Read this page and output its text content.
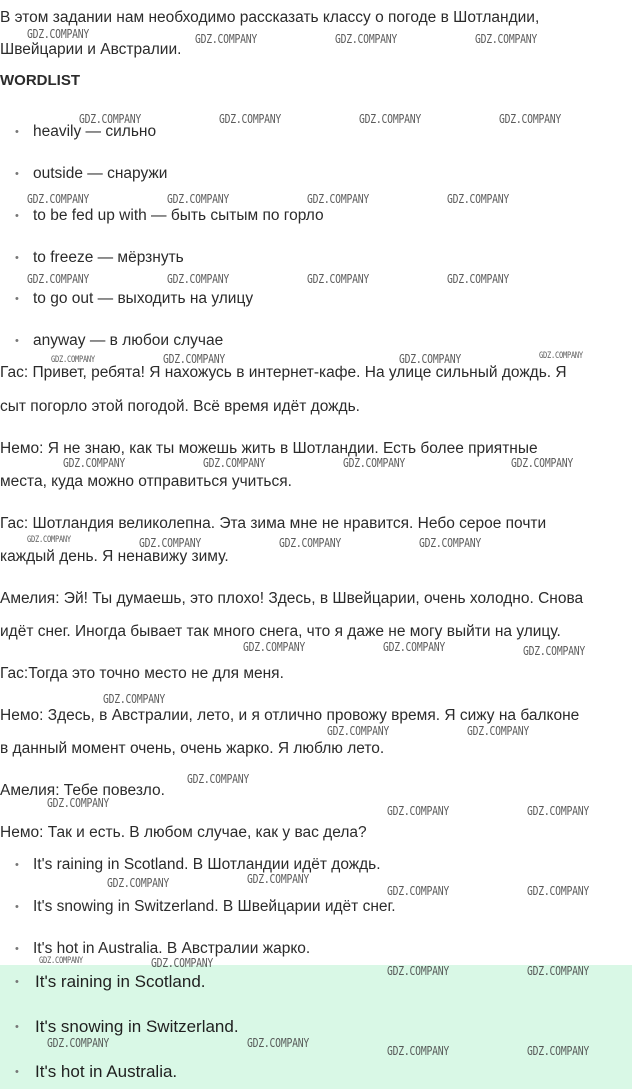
В этом задании нам необходимо рассказать классу о погоде в Шотландии,

Швейцарии и Австралии.

WORDLIST

• heavily — сильно
• outside — снаружи
• to be fed up with — быть сытым по горло
• to freeze — мёрзнуть
• to go out — выходить на улицу
• anyway — в любои случае

Гас: Привет, ребята! Я нахожусь в интернет-кафе. На улице сильный дождь. Я

сыт погорло этой погодой. Всё время идёт дождь.

Немо: Я не знаю, как ты можешь жить в Шотландии. Есть более приятные

места, куда можно отправиться учиться.

Гас: Шотландия великолепна. Эта зима мне не нравится. Небо серое почти

каждый день. Я ненавижу зиму.

Амелия: Эй! Ты думаешь, это плохо! Здесь, в Швейцарии, очень холодно. Снова

идёт снег. Иногда бывает так много снега, что я даже не могу выйти на улицу.

Гас:Тогда это точно место не для меня.

Немо: Здесь, в Австралии, лето, и я отлично провожу время. Я сижу на балконе

в данный момент очень, очень жарко. Я люблю лето.

Амелия: Тебе повезло.

Немо: Так и есть. В любом случае, как у вас дела?

• It's raining in Scotland. В Шотландии идёт дождь.
• It's snowing in Switzerland. В Швейцарии идёт снег.
• It's hot in Australia. В Австралии жарко.
• It's raining in Scotland.
• It's snowing in Switzerland.
• It's hot in Australia.
GDZ.COMPANY	GDZ.COMPANY	GDZ.COMPANY	GDZ.COMPANY
GDZ.COMPANY	GDZ.COMPANY	GDZ.COMPANY	GDZ.COMPANY
GDZ.COMPANY	GDZ.COMPANY	GDZ.COMPANY	GDZ.COMPANY
GDZ.COMPANY	GDZ.COMPANY	GDZ.COMPANY	GDZ.COMPANY
GDZ.COMPANY	GDZ.COMPANY	GDZ.COMPANY	GDZ.COMPANY
GDZ.COMPANY	GDZ.COMPANY	GDZ.COMPANY	GDZ.COMPANY
GDZ.COMPANY	GDZ.COMPANY	GDZ.COMPANY	GDZ.COMPANY
GDZ.COMPANY	GDZ.COMPANY	GDZ.COMPANY
GDZ.COMPANY
GDZ.COMPANY	GDZ.COMPANY
GDZ.COMPANY
GDZ.COMPANY
GDZ.COMPANY	GDZ.COMPANY
GDZ.COMPANY	GDZ.COMPANY
GDZ.COMPANY	GDZ.COMPANY
GDZ.COMPANY	GDZ.COMPANY
GDZ.COMPANY	GDZ.COMPANY
GDZ.COMPANY	GDZ.COMPANY
GDZ.COMPANY	GDZ.COMPANY
